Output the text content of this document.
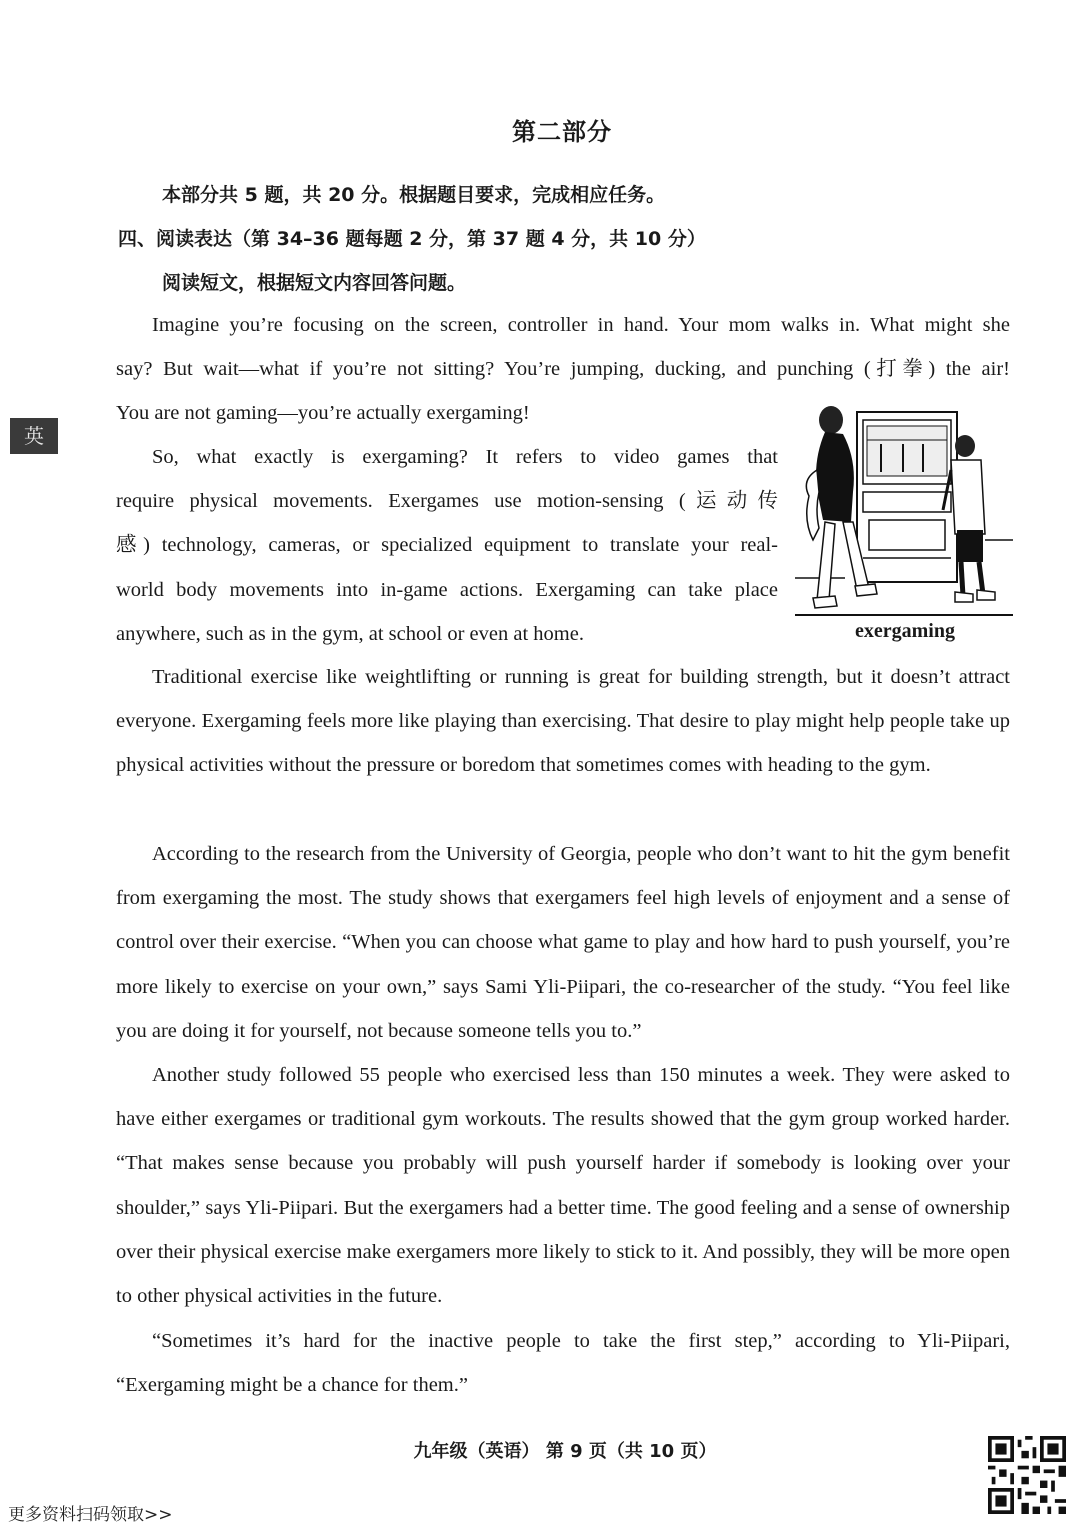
第二部分
本部分共 5 题，共 20 分。根据题目要求，完成相应任务。
四、阅读表达（第 34–36 题每题 2 分，第 37 题 4 分，共 10 分）
阅读短文，根据短文内容回答问题。
英

Imagine you’re focusing on the screen, controller in hand. Your mom walks in. What might she

say? But wait—what if you’re not sitting? You’re jumping, ducking, and punching (打拳) the air!

You are not gaming—you’re actually exergaming!

So, what exactly is exergaming? It refers to video games that

require physical movements. Exergames use motion-sensing (运动传

感) technology, cameras, or specialized equipment to translate your real-

world body movements into in-game actions. Exergaming can take place

anywhere, such as in the gym, at school or even at home.	exergaming

Traditional exercise like weightlifting or running is great for building strength, but it doesn’t attract everyone. Exergaming feels more like playing than exercising. That desire to play might help people take up physical activities without the pressure or boredom that sometimes comes with heading to the gym.

According to the research from the University of Georgia, people who don’t want to hit the gym benefit from exergaming the most. The study shows that exergamers feel high levels of enjoyment and a sense of control over their exercise. “When you can choose what game to play and how hard to push yourself, you’re more likely to exercise on your own,” says Sami Yli-Piipari, the co-researcher of the study. “You feel like you are doing it for yourself, not because someone tells you to.”

Another study followed 55 people who exercised less than 150 minutes a week. They were asked to have either exergames or traditional gym workouts. The results showed that the gym group worked harder. “That makes sense because you probably will push yourself harder if somebody is looking over your shoulder,” says Yli-Piipari. But the exergamers had a better time. The good feeling and a sense of ownership over their physical exercise make exergamers more likely to stick to it. And possibly, they will be more open to other physical activities in the future.

“Sometimes it’s hard for the inactive people to take the first step,” according to Yli-Piipari, “Exergaming might be a chance for them.”

九年级（英语） 第 9 页（共 10 页）
更多资料扫码领取>>
